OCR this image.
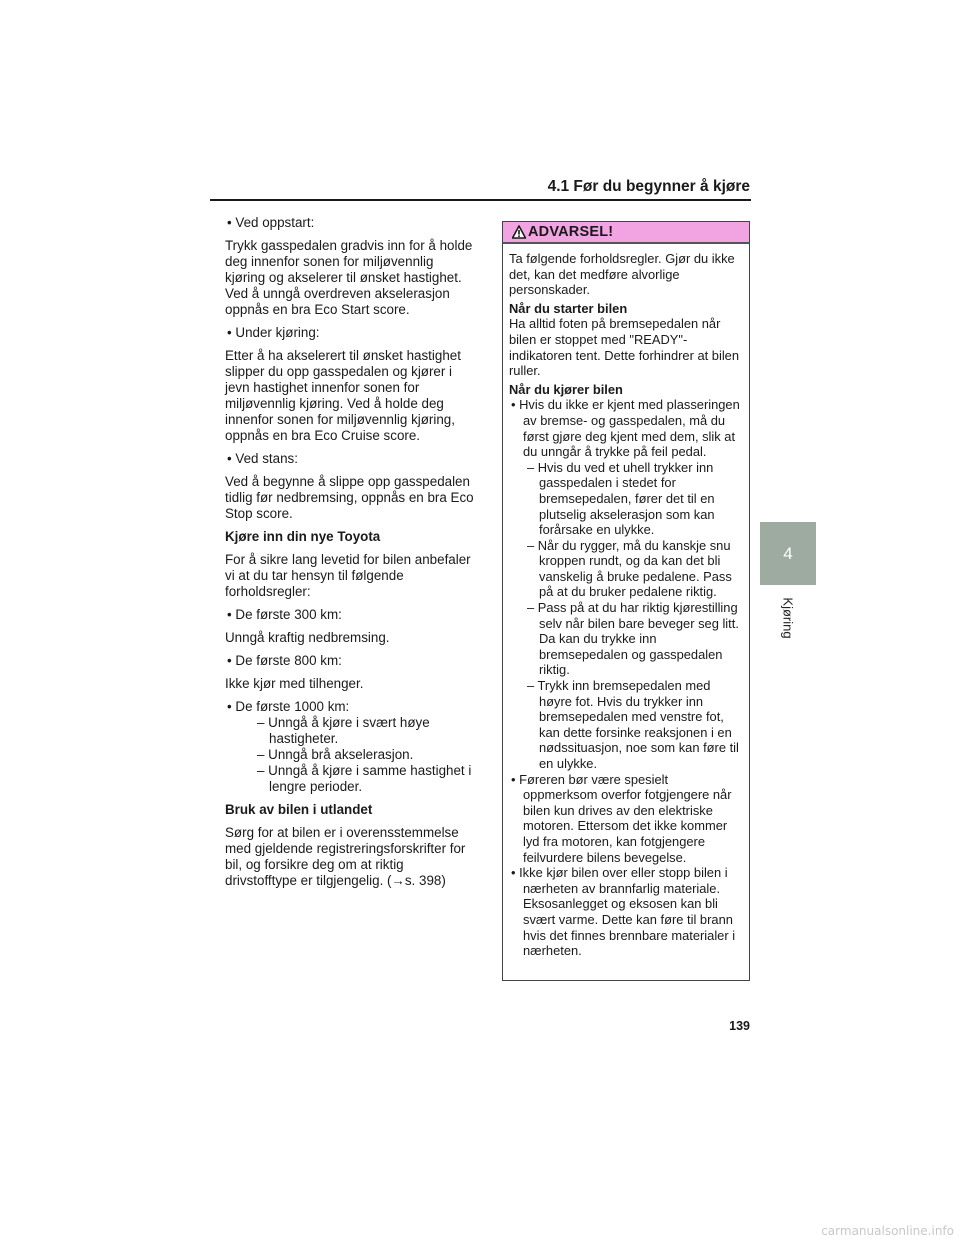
4.1 Før du begynner å kjøre

• Ved oppstart:

Trykk gasspedalen gradvis inn for å holde deg innenfor sonen for miljøvennlig kjøring og akselerer til ønsket hastighet. Ved å unngå overdreven akselerasjon oppnås en bra Eco Start score.

• Under kjøring:

Etter å ha akselerert til ønsket hastighet slipper du opp gasspedalen og kjører i jevn hastighet innenfor sonen for miljøvennlig kjøring. Ved å holde deg innenfor sonen for miljøvennlig kjøring, oppnås en bra Eco Cruise score.

• Ved stans:

Ved å begynne å slippe opp gasspedalen tidlig før nedbremsing, oppnås en bra Eco Stop score.

Kjøre inn din nye Toyota

For å sikre lang levetid for bilen anbefaler vi at du tar hensyn til følgende forholdsregler:

• De første 300 km:

Unngå kraftig nedbremsing.

• De første 800 km:

Ikke kjør med tilhenger.

• De første 1000 km:

– Unngå å kjøre i svært høye hastigheter.

– Unngå brå akselerasjon.

– Unngå å kjøre i samme hastighet i lengre perioder.

Bruk av bilen i utlandet

Sørg for at bilen er i overensstemmelse med gjeldende registreringsforskrifter for bil, og forsikre deg om at riktig drivstofftype er tilgjengelig. (→s. 398)

ADVARSEL!

Ta følgende forholdsregler. Gjør du ikke det, kan det medføre alvorlige personskader.

Når du starter bilen

Ha alltid foten på bremsepedalen når bilen er stoppet med "READY"-indikatoren tent. Dette forhindrer at bilen ruller.

Når du kjører bilen

• Hvis du ikke er kjent med plasseringen av bremse- og gasspedalen, må du først gjøre deg kjent med dem, slik at du unngår å trykke på feil pedal.

– Hvis du ved et uhell trykker inn gasspedalen i stedet for bremsepedalen, fører det til en plutselig akselerasjon som kan forårsake en ulykke.

– Når du rygger, må du kanskje snu kroppen rundt, og da kan det bli vanskelig å bruke pedalene. Pass på at du bruker pedalene riktig.

– Pass på at du har riktig kjørestilling selv når bilen bare beveger seg litt. Da kan du trykke inn bremsepedalen og gasspedalen riktig.

– Trykk inn bremsepedalen med høyre fot. Hvis du trykker inn bremsepedalen med venstre fot, kan dette forsinke reaksjonen i en nødssituasjon, noe som kan føre til en ulykke.

• Føreren bør være spesielt oppmerksom overfor fotgjengere når bilen kun drives av den elektriske motoren. Ettersom det ikke kommer lyd fra motoren, kan fotgjengere feilvurdere bilens bevegelse.

• Ikke kjør bilen over eller stopp bilen i nærheten av brannfarlig materiale. Eksosanlegget og eksosen kan bli svært varme. Dette kan føre til brann hvis det finnes brennbare materialer i nærheten.

4
Kjøring
139
carmanualsonline.info
